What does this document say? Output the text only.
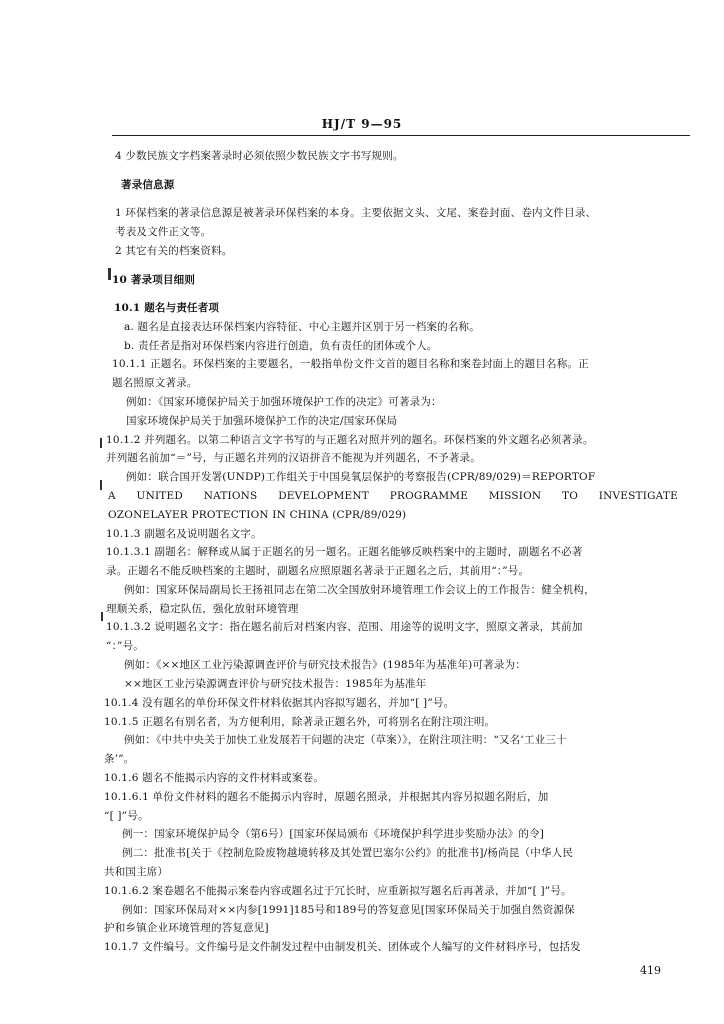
HJ/T 9—95
4 少数民族文字档案著录时必须依照少数民族文字书写规则。
著录信息源
1 环保档案的著录信息源是被著录环保档案的本身。主要依据文头、文尾、案卷封面、卷内文件目录、
考表及文件正文等。
2 其它有关的档案资料。
10 著录项目细则
10.1 题名与责任者项
a. 题名是直接表达环保档案内容特征、中心主题并区别于另一档案的名称。
b. 责任者是指对环保档案内容进行创造，负有责任的团体或个人。
10.1.1 正题名。环保档案的主要题名，一般指单份文件文首的题目名称和案卷封面上的题目名称。正
题名照原文著录。
例如：《国家环境保护局关于加强环境保护工作的决定》可著录为：
国家环境保护局关于加强环境保护工作的决定/国家环保局
10.1.2 并列题名。以第二种语言文字书写的与正题名对照并列的题名。环保档案的外文题名必须著录。
并列题名前加“＝”号，与正题名并列的汉语拼音不能视为并列题名，不予著录。
例如：联合国开发署(UNDP)工作组关于中国臭氧层保护的考察报告(CPR/89/029)＝REPORTOF
A UNITED NATIONS DEVELOPMENT PROGRAMME MISSION TO INVESTIGATE
OZONELAYER PROTECTION IN CHINA (CPR/89/029)
10.1.3 副题名及说明题名文字。
10.1.3.1 副题名：解释或从属于正题名的另一题名。正题名能够反映档案中的主题时，副题名不必著
录。正题名不能反映档案的主题时，副题名应照原题名著录于正题名之后，其前用“：”号。
例如：国家环保局副局长王扬祖同志在第二次全国放射环境管理工作会议上的工作报告：健全机构，
理顺关系，稳定队伍，强化放射环境管理
10.1.3.2 说明题名文字：指在题名前后对档案内容、范围、用途等的说明文字，照原文著录，其前加
“：”号。
例如：《××地区工业污染源调查评价与研究技术报告》(1985年为基准年)可著录为：
××地区工业污染源调查评价与研究技术报告：1985年为基准年
10.1.4 没有题名的单份环保文件材料依据其内容拟写题名，并加“[ ]”号。
10.1.5 正题名有别名者，为方便利用，除著录正题名外，可将别名在附注项注明。
例如：《中共中央关于加快工业发展若干问题的决定（草案）》，在附注项注明：“又名‘工业三十
条’”。
10.1.6 题名不能揭示内容的文件材料或案卷。
10.1.6.1 单份文件材料的题名不能揭示内容时，原题名照录，并根据其内容另拟题名附后，加
“[ ]”号。
例一：国家环境保护局令（第6号）[国家环保局颁布《环境保护科学进步奖励办法》的令]
例二：批准书[关于《控制危险废物越境转移及其处置巴塞尔公约》的批准书]/杨尚昆（中华人民
共和国主席）
10.1.6.2 案卷题名不能揭示案卷内容或题名过于冗长时，应重新拟写题名后再著录，并加“[ ]”号。
例如：国家环保局对××内参[1991]185号和189号的答复意见[国家环保局关于加强自然资源保
护和乡镇企业环境管理的答复意见]
10.1.7 文件编号。文件编号是文件制发过程中由制发机关、团体或个人编写的文件材料序号，包括发
419
